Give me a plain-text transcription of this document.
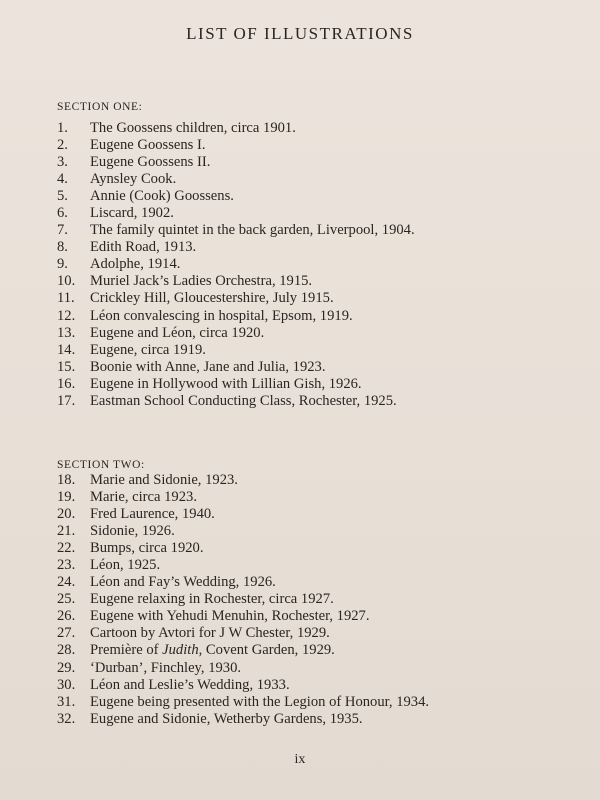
LIST OF ILLUSTRATIONS
SECTION ONE:
1. The Goossens children, circa 1901.
2. Eugene Goossens I.
3. Eugene Goossens II.
4. Aynsley Cook.
5. Annie (Cook) Goossens.
6. Liscard, 1902.
7. The family quintet in the back garden, Liverpool, 1904.
8. Edith Road, 1913.
9. Adolphe, 1914.
10. Muriel Jack’s Ladies Orchestra, 1915.
11. Crickley Hill, Gloucestershire, July 1915.
12. Léon convalescing in hospital, Epsom, 1919.
13. Eugene and Léon, circa 1920.
14. Eugene, circa 1919.
15. Boonie with Anne, Jane and Julia, 1923.
16. Eugene in Hollywood with Lillian Gish, 1926.
17. Eastman School Conducting Class, Rochester, 1925.
SECTION TWO:
18. Marie and Sidonie, 1923.
19. Marie, circa 1923.
20. Fred Laurence, 1940.
21. Sidonie, 1926.
22. Bumps, circa 1920.
23. Léon, 1925.
24. Léon and Fay’s Wedding, 1926.
25. Eugene relaxing in Rochester, circa 1927.
26. Eugene with Yehudi Menuhin, Rochester, 1927.
27. Cartoon by Avtori for J W Chester, 1929.
28. Première of Judith, Covent Garden, 1929.
29. ‘Durban’, Finchley, 1930.
30. Léon and Leslie’s Wedding, 1933.
31. Eugene being presented with the Legion of Honour, 1934.
32. Eugene and Sidonie, Wetherby Gardens, 1935.
ix
